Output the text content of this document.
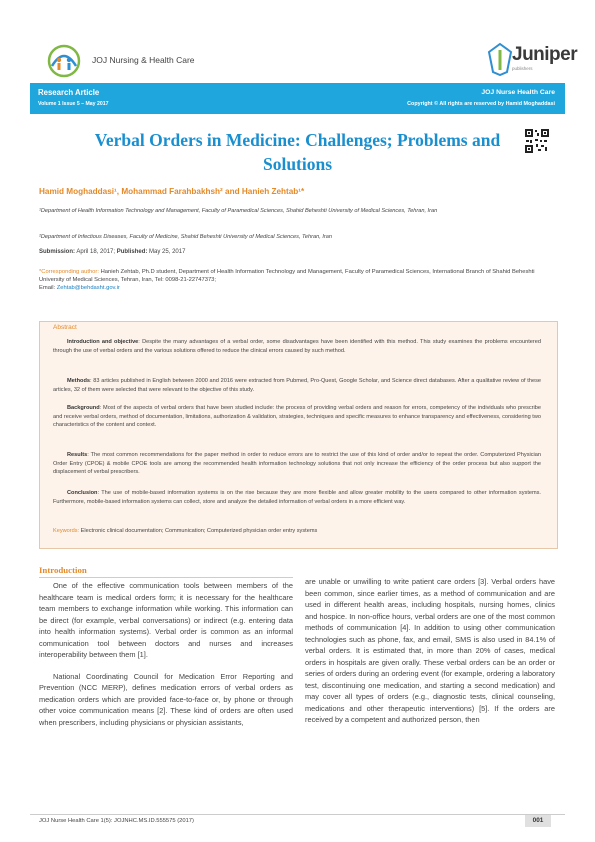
JOJ Nursing & Health Care	Juniper
publishers
Research Article
Volume 1 Issue 5 – May 2017
JOJ Nurse Health Care
Copyright © All rights are reserved by Hamid Moghaddasi
Verbal Orders in Medicine: Challenges; Problems and Solutions
Hamid Moghaddasi¹, Mohammad Farahbakhsh² and Hanieh Zehtab¹*
¹Department of Health Information Technology and Management, Faculty of Paramedical Sciences, Shahid Beheshti University of Medical Sciences, Tehran, Iran
²Department of Infectious Diseases, Faculty of Medicine, Shahid Beheshti University of Medical Sciences, Tehran, Iran
Submission: April 18, 2017; Published: May 25, 2017
*Corresponding author: Hanieh Zehtab, Ph.D student, Department of Health Information Technology and Management, Faculty of Paramedical Sciences, International Branch of Shahid Beheshti University of Medical Sciences, Tehran, Iran, Tel: 0098-21-22747373;
Email: Zehtab@behdasht.gov.ir
Abstract
Introduction and objective: Despite the many advantages of a verbal order, some disadvantages have been identified with this method. This study examines the problems encountered through the use of verbal orders and the various solutions offered to reduce the clinical errors caused by such method.
Methods: 83 articles published in English between 2000 and 2016 were extracted from Pubmed, Pro-Quest, Google Scholar, and Science direct databases. After a qualitative review of these articles, 32 of them were selected that were relevant to the objective of this study.
Background: Most of the aspects of verbal orders that have been studied include: the process of providing verbal orders and reason for errors, competency of the individuals who prescribe and receive verbal orders, method of documentation, limitations, authorization & validation, strategies, techniques and specific measures to enhance transparency and effectiveness, considering two characteristics of the content and context.
Results: The most common recommendations for the paper method in order to reduce errors are to restrict the use of this kind of order and/or to repeat the order. Computerized Physician Order Entry (CPOE) & mobile CPOE tools are among the recommended health information technology solutions that not only increase the efficiency of the order process but also support the displacement of verbal prescribers.
Conclusion: The use of mobile-based information systems is on the rise because they are more flexible and allow greater mobility to the users compared to other information systems. Furthermore, mobile-based information systems can collect, store and analyze the detailed information of verbal orders in a more efficient way.
Keywords: Electronic clinical documentation; Communication; Computerized physician order entry systems
Introduction

One of the effective communication tools between members of the healthcare team is medical orders form; it is necessary for the healthcare team members to exchange information while working. This information can be direct (for example, verbal conversations) or indirect (e.g. entering data into health information systems). Verbal order is common as an informal communication tool between doctors and nurses and increases interoperability between them [1].

National Coordinating Council for Medication Error Reporting and Prevention (NCC MERP), defines medication errors of verbal orders as medication orders which are provided face-to-face or, by phone or through other voice communication means [2]. These kind of orders are often used when prescribers, including physicians or physician assistants,

are unable or unwilling to write patient care orders [3]. Verbal orders have been common, since earlier times, as a method of communication and are used in different health areas, including hospitals, nursing homes, clinics and hospice. In non-office hours, verbal orders are one of the most common methods of communication [4]. In addition to using other communication technologies such as phone, fax, and email, SMS is also used in 84.1% of verbal orders. It is estimated that, in more than 20% of cases, medical orders in hospitals are given orally. These verbal orders can be an order or series of orders during an ordering event (for example, ordering a laboratory test, discontinuing one medication, and starting a second medication) and may cover all types of orders (e.g., diagnostic tests, clinical counseling, medications and other therapeutic interventions) [5]. If the orders are received by a competent and authorized person, then

JOJ Nurse Health Care 1(5): JOJNHC.MS.ID.555575 (2017)	001
